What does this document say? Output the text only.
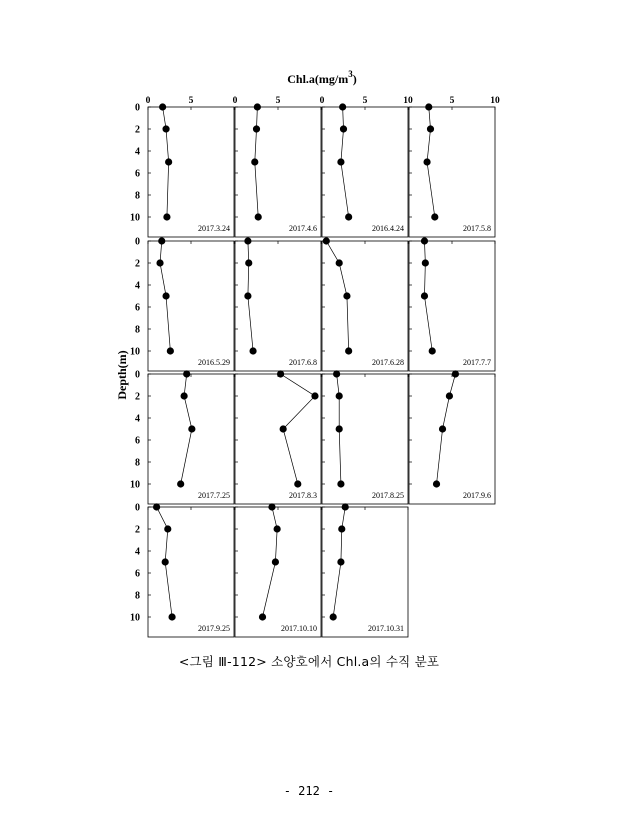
$Chl.a(mg/m^3)$
Depth(m)
0
2
4
6
8
10
0	5
2017.3.24
0	5
2017.4.6
0	5	10
2016.4.24
5	10
2017.5.8
0
2
4
6
8
10
2016.5.29	2017.6.8	2017.6.28	2017.7.7
0
2
4
6
8
10
2017.7.25	2017.8.3	2017.8.25	2017.9.6
0
2
4
6
8
10
2017.9.25	2017.10.10	2017.10.31
<그림 Ⅲ-112> 소양호에서 Chl.a의 수직 분포
- 212 -
